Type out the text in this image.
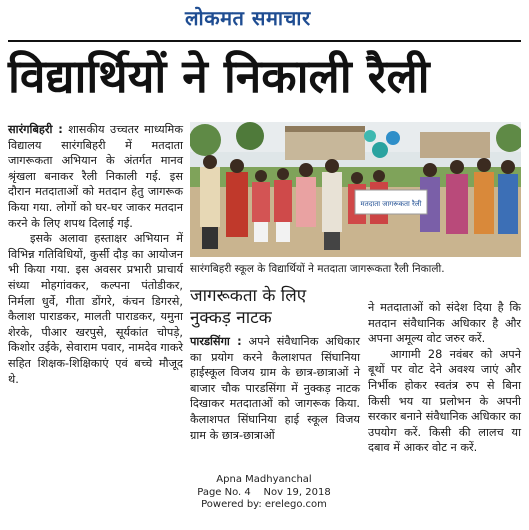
लोकमत समाचार
विद्यार्थियों ने निकाली रैली

सारंगबिहरी : शासकीय उच्चतर माध्यमिक विद्यालय सारंगबिहरी में मतदाता जागरूकता अभियान के अंतर्गत मानव श्रृंखला बनाकर रैली निकाली गई. इस दौरान मतदाताओं को मतदान हेतु जागरूक किया गया. लोगों को घर-घर जाकर मतदान करने के लिए शपथ दिलाई गई.

इसके अलावा हस्ताक्षर अभियान में विभिन्न गतिविधियों, कुर्सी दौड़ का आयोजन भी किया गया. इस अवसर प्रभारी प्राचार्य संध्या मोहगांवकर, कल्पना पंतोडीकर, निर्मला धुर्वे, गीता डोंगरे, कंचन डिगरसे, कैलाश पाराडकर, मालती पाराडकर, यमुना शेरके, पीआर खरपुसे, सूर्यकांत चोपड़े, किशोर उईके, सेवाराम पवार, नामदेव गाकरे सहित शिक्षक-शिक्षिकाएं एवं बच्चे मौजूद थे.

मतदाता जागरूकता रैली
सारंगबिहरी स्कूल के विद्यार्थियों ने मतदाता जागरूकता रैली निकाली.
जागरूकता के लिए
नुक्कड़ नाटक

पारडसिंगा : अपने संवैधानिक अधिकार का प्रयोग करने कैलाशपत सिंघानिया हाईस्कूल विजय ग्राम के छात्र-छात्राओं ने बाजार चौक पारडसिंगा में नुक्कड़ नाटक दिखाकर मतदाताओं को जागरूक किया. कैलाशपत सिंघानिया हाई स्कूल विजय ग्राम के छात्र-छात्राओं

ने मतदाताओं को संदेश दिया है कि मतदान संवैधानिक अधिकार है और अपना अमूल्य वोट जरुर करें.

आगामी 28 नवंबर को अपने बूथों पर वोट देने अवश्य जाएं और निर्भीक होकर स्वतंत्र रुप से बिना किसी भय या प्रलोभन के अपनी सरकार बनाने संवैधानिक अधिकार का उपयोग करें. किसी की लालच या दबाव में आकर वोट न करें.

Apna Madhyanchal
Page No. 4    Nov 19, 2018
Powered by: erelego.com
